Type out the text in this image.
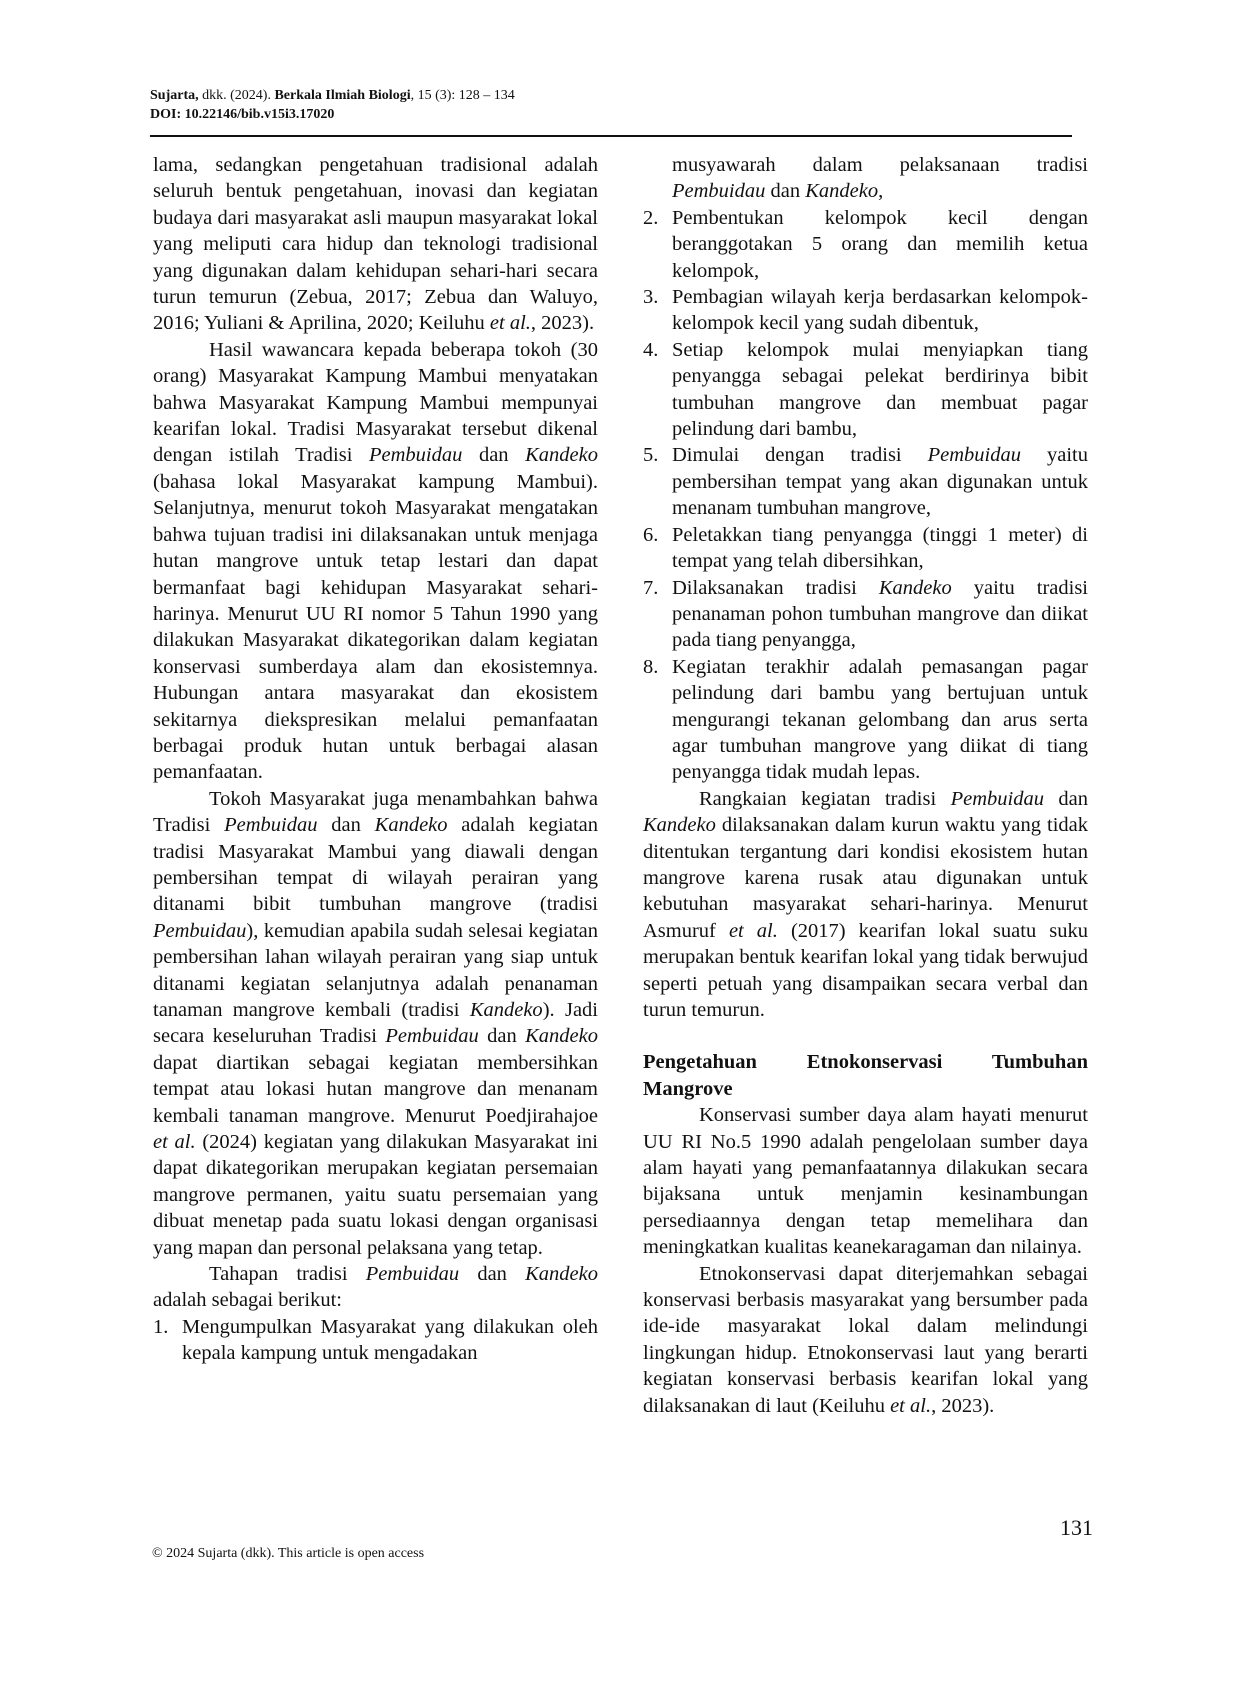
Sujarta, dkk. (2024). Berkala Ilmiah Biologi, 15 (3): 128 – 134
DOI: 10.22146/bib.v15i3.17020

lama, sedangkan pengetahuan tradisional adalah seluruh bentuk pengetahuan, inovasi dan kegiatan budaya dari masyarakat asli maupun masyarakat lokal yang meliputi cara hidup dan teknologi tradisional yang digunakan dalam kehidupan sehari-hari secara turun temurun (Zebua, 2017; Zebua dan Waluyo, 2016; Yuliani & Aprilina, 2020; Keiluhu et al., 2023).

Hasil wawancara kepada beberapa tokoh (30 orang) Masyarakat Kampung Mambui menyatakan bahwa Masyarakat Kampung Mambui mempunyai kearifan lokal. Tradisi Masyarakat tersebut dikenal dengan istilah Tradisi Pembuidau dan Kandeko (bahasa lokal Masyarakat kampung Mambui). Selanjutnya, menurut tokoh Masyarakat mengatakan bahwa tujuan tradisi ini dilaksanakan untuk menjaga hutan mangrove untuk tetap lestari dan dapat bermanfaat bagi kehidupan Masyarakat sehari-harinya. Menurut UU RI nomor 5 Tahun 1990 yang dilakukan Masyarakat dikategorikan dalam kegiatan konservasi sumberdaya alam dan ekosistemnya. Hubungan antara masyarakat dan ekosistem sekitarnya diekspresikan melalui pemanfaatan berbagai produk hutan untuk berbagai alasan pemanfaatan.

Tokoh Masyarakat juga menambahkan bahwa Tradisi Pembuidau dan Kandeko adalah kegiatan tradisi Masyarakat Mambui yang diawali dengan pembersihan tempat di wilayah perairan yang ditanami bibit tumbuhan mangrove (tradisi Pembuidau), kemudian apabila sudah selesai kegiatan pembersihan lahan wilayah perairan yang siap untuk ditanami kegiatan selanjutnya adalah penanaman tanaman mangrove kembali (tradisi Kandeko). Jadi secara keseluruhan Tradisi Pembuidau dan Kandeko dapat diartikan sebagai kegiatan membersihkan tempat atau lokasi hutan mangrove dan menanam kembali tanaman mangrove. Menurut Poedjirahajoe et al. (2024) kegiatan yang dilakukan Masyarakat ini dapat dikategorikan merupakan kegiatan persemaian mangrove permanen, yaitu suatu persemaian yang dibuat menetap pada suatu lokasi dengan organisasi yang mapan dan personal pelaksana yang tetap.

Tahapan tradisi Pembuidau dan Kandeko adalah sebagai berikut:

1. Mengumpulkan Masyarakat yang dilakukan oleh kepala kampung untuk mengadakan

musyawarah dalam pelaksanaan tradisi Pembuidau dan Kandeko,

2. Pembentukan kelompok kecil dengan beranggotakan 5 orang dan memilih ketua kelompok,
3. Pembagian wilayah kerja berdasarkan kelompok-kelompok kecil yang sudah dibentuk,
4. Setiap kelompok mulai menyiapkan tiang penyangga sebagai pelekat berdirinya bibit tumbuhan mangrove dan membuat pagar pelindung dari bambu,
5. Dimulai dengan tradisi Pembuidau yaitu pembersihan tempat yang akan digunakan untuk menanam tumbuhan mangrove,
6. Peletakkan tiang penyangga (tinggi 1 meter) di tempat yang telah dibersihkan,
7. Dilaksanakan tradisi Kandeko yaitu tradisi penanaman pohon tumbuhan mangrove dan diikat pada tiang penyangga,
8. Kegiatan terakhir adalah pemasangan pagar pelindung dari bambu yang bertujuan untuk mengurangi tekanan gelombang dan arus serta agar tumbuhan mangrove yang diikat di tiang penyangga tidak mudah lepas.

Rangkaian kegiatan tradisi Pembuidau dan Kandeko dilaksanakan dalam kurun waktu yang tidak ditentukan tergantung dari kondisi ekosistem hutan mangrove karena rusak atau digunakan untuk kebutuhan masyarakat sehari-harinya. Menurut Asmuruf et al. (2017) kearifan lokal suatu suku merupakan bentuk kearifan lokal yang tidak berwujud seperti petuah yang disampaikan secara verbal dan turun temurun.

Pengetahuan Etnokonservasi Tumbuhan Mangrove

Konservasi sumber daya alam hayati menurut UU RI No.5 1990 adalah pengelolaan sumber daya alam hayati yang pemanfaatannya dilakukan secara bijaksana untuk menjamin kesinambungan persediaannya dengan tetap memelihara dan meningkatkan kualitas keanekaragaman dan nilainya.

Etnokonservasi dapat diterjemahkan sebagai konservasi berbasis masyarakat yang bersumber pada ide-ide masyarakat lokal dalam melindungi lingkungan hidup. Etnokonservasi laut yang berarti kegiatan konservasi berbasis kearifan lokal yang dilaksanakan di laut (Keiluhu et al., 2023).

131
© 2024 Sujarta (dkk). This article is open access
